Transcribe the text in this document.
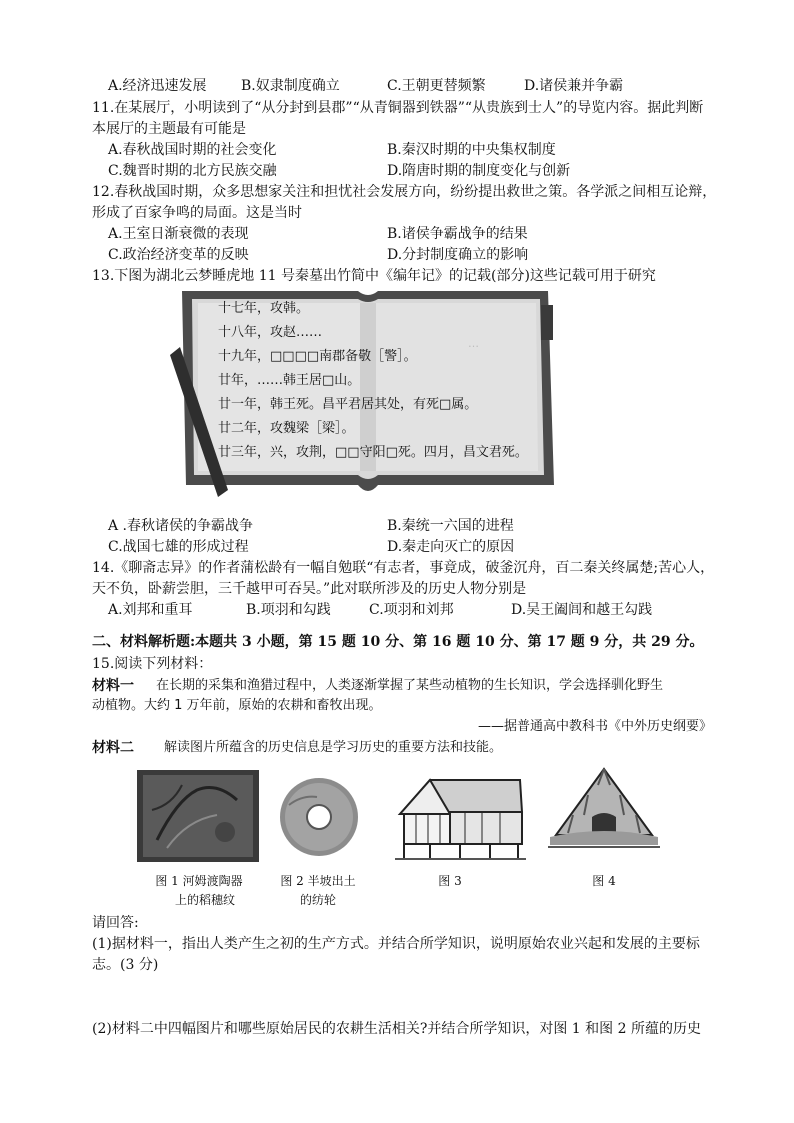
A.经济迅速发展 B.奴隶制度确立	C.王朝更替频繁	D.诸侯兼并争霸
11.在某展厅，小明读到了“从分封到县郡”“从青铜器到铁器”“从贵族到士人”的导览内容。据此判断
本展厅的主题最有可能是
A.春秋战国时期的社会变化	B.秦汉时期的中央集权制度
C.魏晋时期的北方民族交融	D.隋唐时期的制度变化与创新
12.春秋战国时期，众多思想家关注和担忧社会发展方向，纷纷提出救世之策。各学派之间相互论辩，
形成了百家争鸣的局面。这是当时
A.王室日渐衰微的表现	B.诸侯争霸战争的结果
C.政治经济变革的反映	D.分封制度确立的影响
13.下图为湖北云梦睡虎地 11 号秦墓出竹简中《编年记》的记载(部分)这些记载可用于研究
…
十七年，攻韩。
十八年，攻赵……
十九年，□□□□南郡备敬［警］。
廿年，……韩王居□山。
廿一年，韩王死。昌平君居其处，有死□属。
廿二年，攻魏梁［梁］。
廿三年，兴，攻荆，□□守阳□死。四月，昌文君死。
A .春秋诸侯的争霸战争	B.秦统一六国的进程
C.战国七雄的形成过程	D.秦走向灭亡的原因
14.《聊斋志异》的作者蒲松龄有一幅自勉联“有志者，事竟成，破釜沉舟，百二秦关终属楚;苦心人，
天不负，卧薪尝胆，三千越甲可吞吴。”此对联所涉及的历史人物分别是
A.刘邦和重耳	B.项羽和勾践	C.项羽和刘邦	D.吴王阖闾和越王勾践
二、材料解析题:本题共 3 小题，第 15 题 10 分、第 16 题 10 分、第 17 题 9 分，共 29 分。
15.阅读下列材料：
材料一 在长期的采集和渔猎过程中，人类逐渐掌握了某些动植物的生长知识，学会选择驯化野生
动植物。大约 1 万年前，原始的农耕和畜牧出现。
——据普通高中教科书《中外历史纲要》
材料二 解读图片所蕴含的历史信息是学习历史的重要方法和技能。
图 1 河姆渡陶器
上的稻穗纹
图 2 半坡出土
的纺轮
图 3	图 4
请回答:
(1)据材料一，指出人类产生之初的生产方式。并结合所学知识，说明原始农业兴起和发展的主要标
志。(3 分)
(2)材料二中四幅图片和哪些原始居民的农耕生活相关?并结合所学知识，对图 1 和图 2 所蕴的历史
